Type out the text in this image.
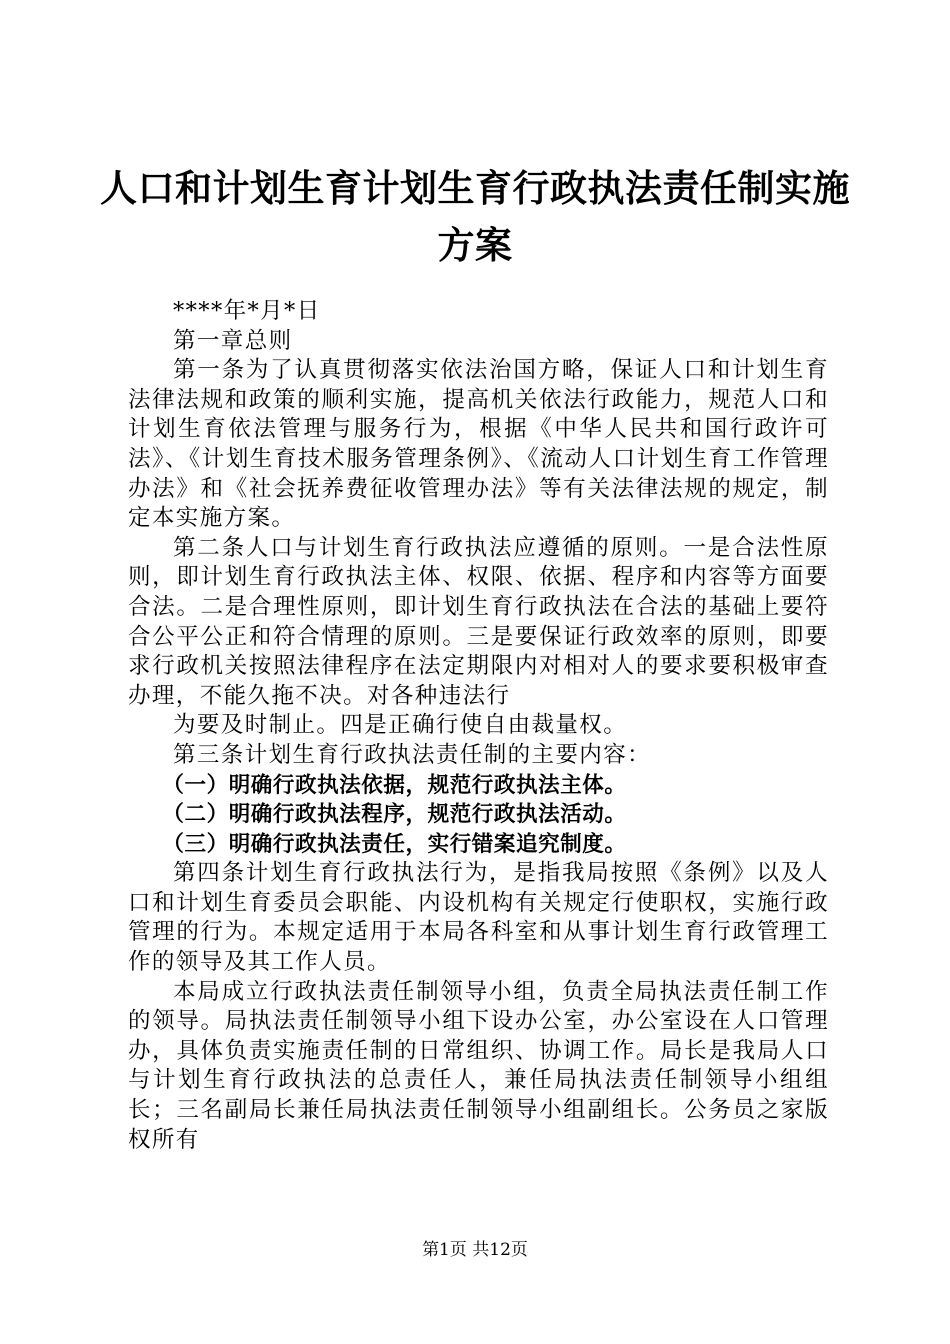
人口和计划生育计划生育行政执法责任制实施
方案

****年*月*日

第一章总则

第一条为了认真贯彻落实依法治国方略，保证人口和计划生育法律法规和政策的顺利实施，提高机关依法行政能力，规范人口和计划生育依法管理与服务行为，根据《中华人民共和国行政许可法》、《计划生育技术服务管理条例》、《流动人口计划生育工作管理办法》和《社会抚养费征收管理办法》等有关法律法规的规定，制定本实施方案。

第二条人口与计划生育行政执法应遵循的原则。一是合法性原则，即计划生育行政执法主体、权限、依据、程序和内容等方面要合法。二是合理性原则，即计划生育行政执法在合法的基础上要符合公平公正和符合情理的原则。三是要保证行政效率的原则，即要求行政机关按照法律程序在法定期限内对相对人的要求要积极审查办理，不能久拖不决。对各种违法行

为要及时制止。四是正确行使自由裁量权。

第三条计划生育行政执法责任制的主要内容：

（一）明确行政执法依据，规范行政执法主体。

（二）明确行政执法程序，规范行政执法活动。

（三）明确行政执法责任，实行错案追究制度。

第四条计划生育行政执法行为，是指我局按照《条例》以及人口和计划生育委员会职能、内设机构有关规定行使职权，实施行政管理的行为。本规定适用于本局各科室和从事计划生育行政管理工作的领导及其工作人员。

本局成立行政执法责任制领导小组，负责全局执法责任制工作的领导。局执法责任制领导小组下设办公室，办公室设在人口管理办，具体负责实施责任制的日常组织、协调工作。局长是我局人口与计划生育行政执法的总责任人，兼任局执法责任制领导小组组长；三名副局长兼任局执法责任制领导小组副组长。公务员之家版权所有

第1页 共12页
